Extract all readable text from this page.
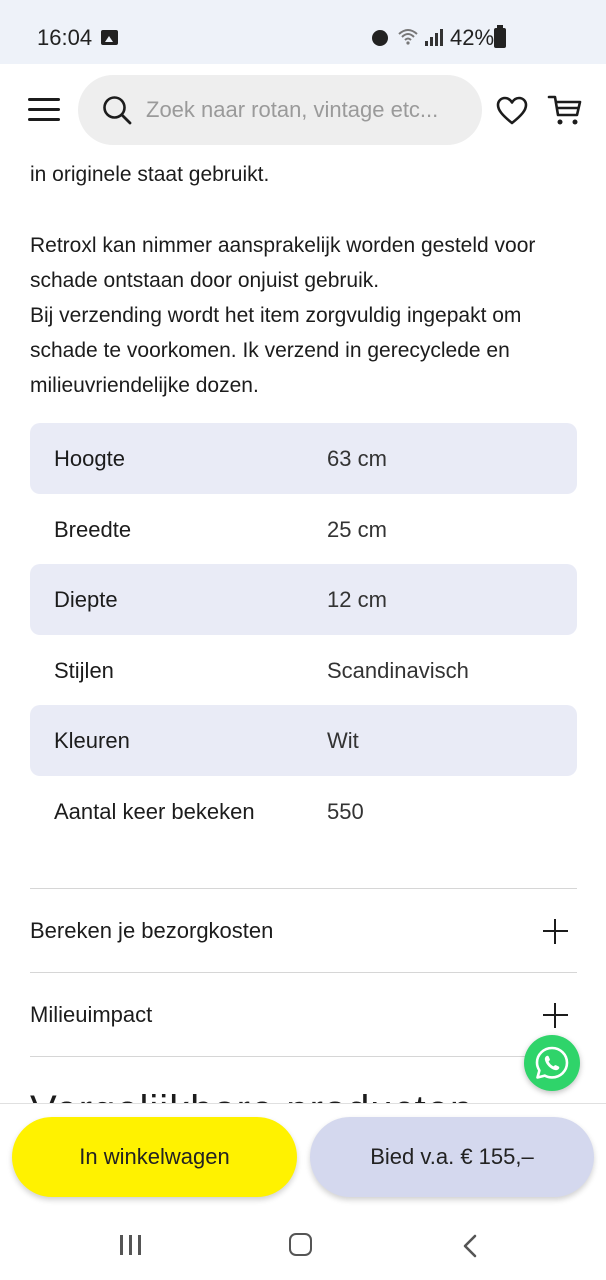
16:04	42%
Zoek naar rotan, vintage etc...

in originele staat gebruikt.

Retroxl kan nimmer aansprakelijk worden gesteld voor schade ontstaan door onjuist gebruik.
Bij verzending wordt het item zorgvuldig ingepakt om schade te voorkomen. Ik verzend in gerecyclede en milieuvriendelijke dozen.

Hoogte	63 cm
Breedte	25 cm
Diepte	12 cm
Stijlen	Scandinavisch
Kleuren	Wit
Aantal keer bekeken	550
Bereken je bezorgkosten
Milieuimpact
In winkelwagen	Bied v.a. € 155,–
